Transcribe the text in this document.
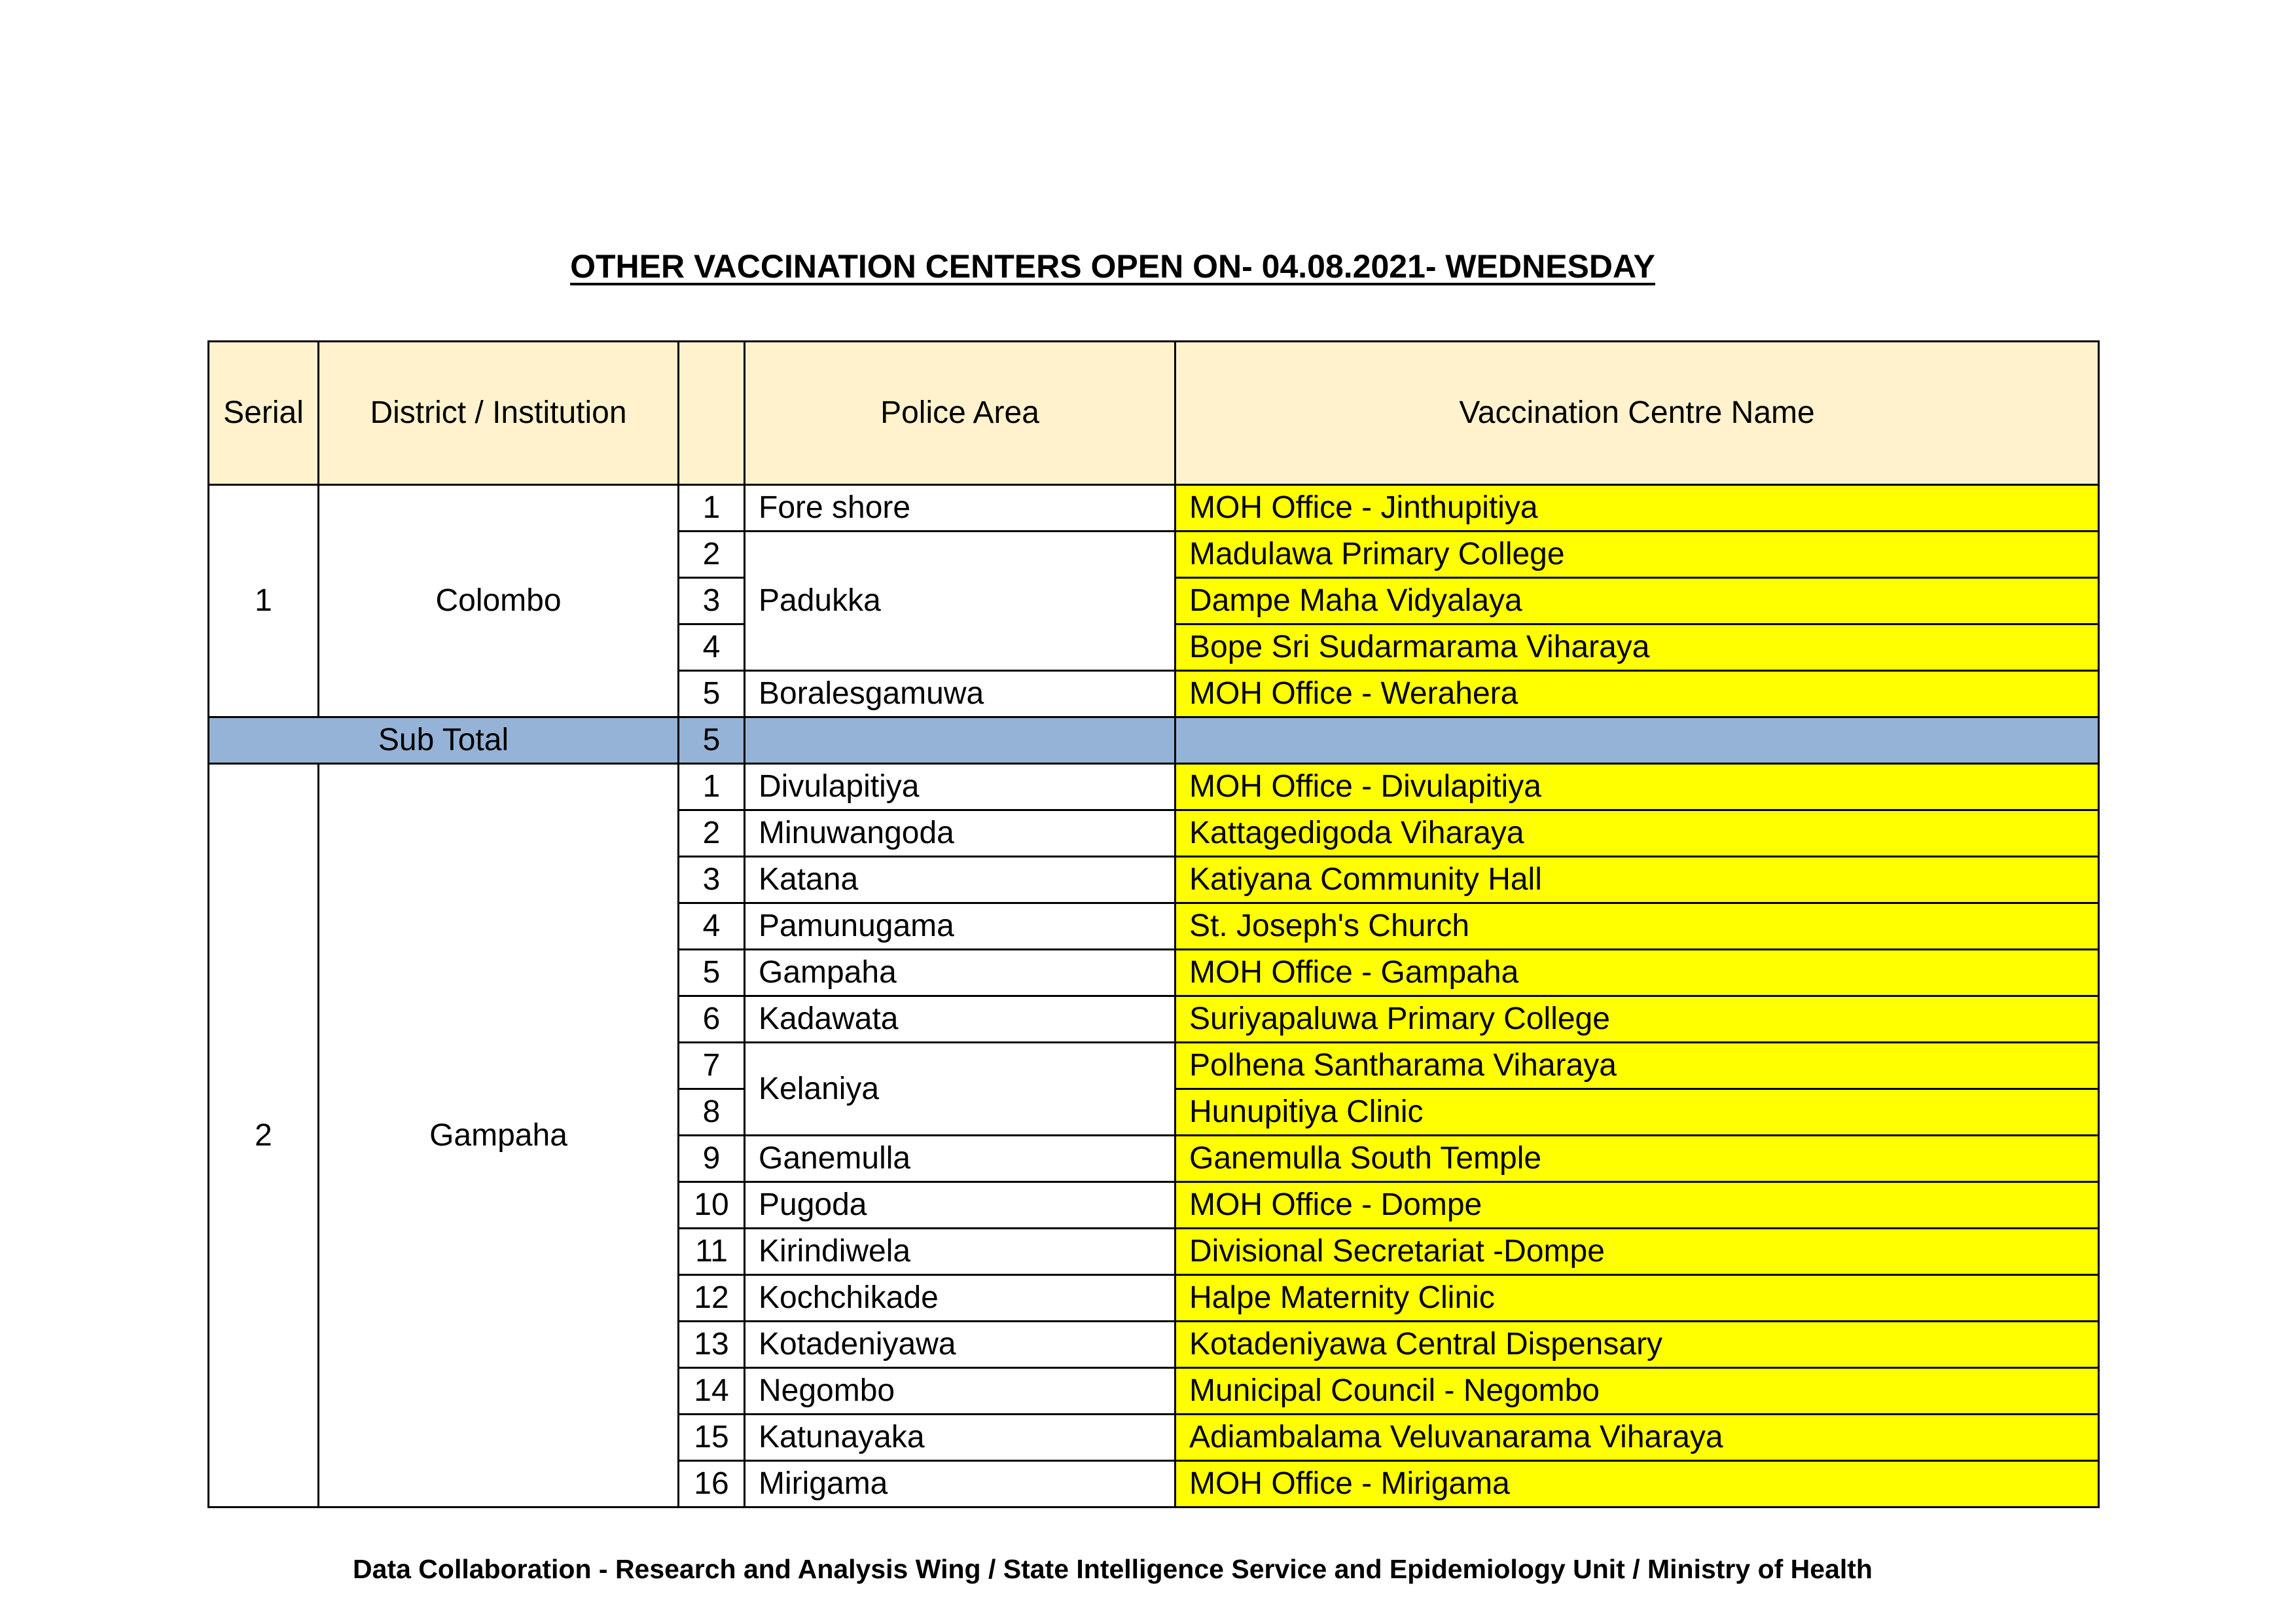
OTHER VACCINATION CENTERS OPEN ON- 04.08.2021- WEDNESDAY
Serial	District / Institution		Police Area	Vaccination Centre Name
1	Colombo	1	Fore shore	MOH Office - Jinthupitiya
		2	Padukka	Madulawa Primary College
		3		Dampe Maha Vidyalaya
		4		Bope Sri Sudarmarama Viharaya
		5	Boralesgamuwa	MOH Office - Werahera
Sub Total		5		
2	Gampaha	1	Divulapitiya	MOH Office - Divulapitiya
		2	Minuwangoda	Kattagedigoda Viharaya
		3	Katana	Katiyana Community Hall
		4	Pamunugama	St. Joseph's Church
		5	Gampaha	MOH Office - Gampaha
		6	Kadawata	Suriyapaluwa Primary College
		7	Kelaniya	Polhena Santharama Viharaya
		8		Hunupitiya Clinic
		9	Ganemulla	Ganemulla South Temple
		10	Pugoda	MOH Office - Dompe
		11	Kirindiwela	Divisional Secretariat -Dompe
		12	Kochchikade	Halpe Maternity Clinic
		13	Kotadeniyawa	Kotadeniyawa Central Dispensary
		14	Negombo	Municipal Council - Negombo
		15	Katunayaka	Adiambalama Veluvanarama Viharaya
		16	Mirigama	MOH Office - Mirigama
Data Collaboration - Research and Analysis Wing / State Intelligence Service and Epidemiology Unit / Ministry of Health
